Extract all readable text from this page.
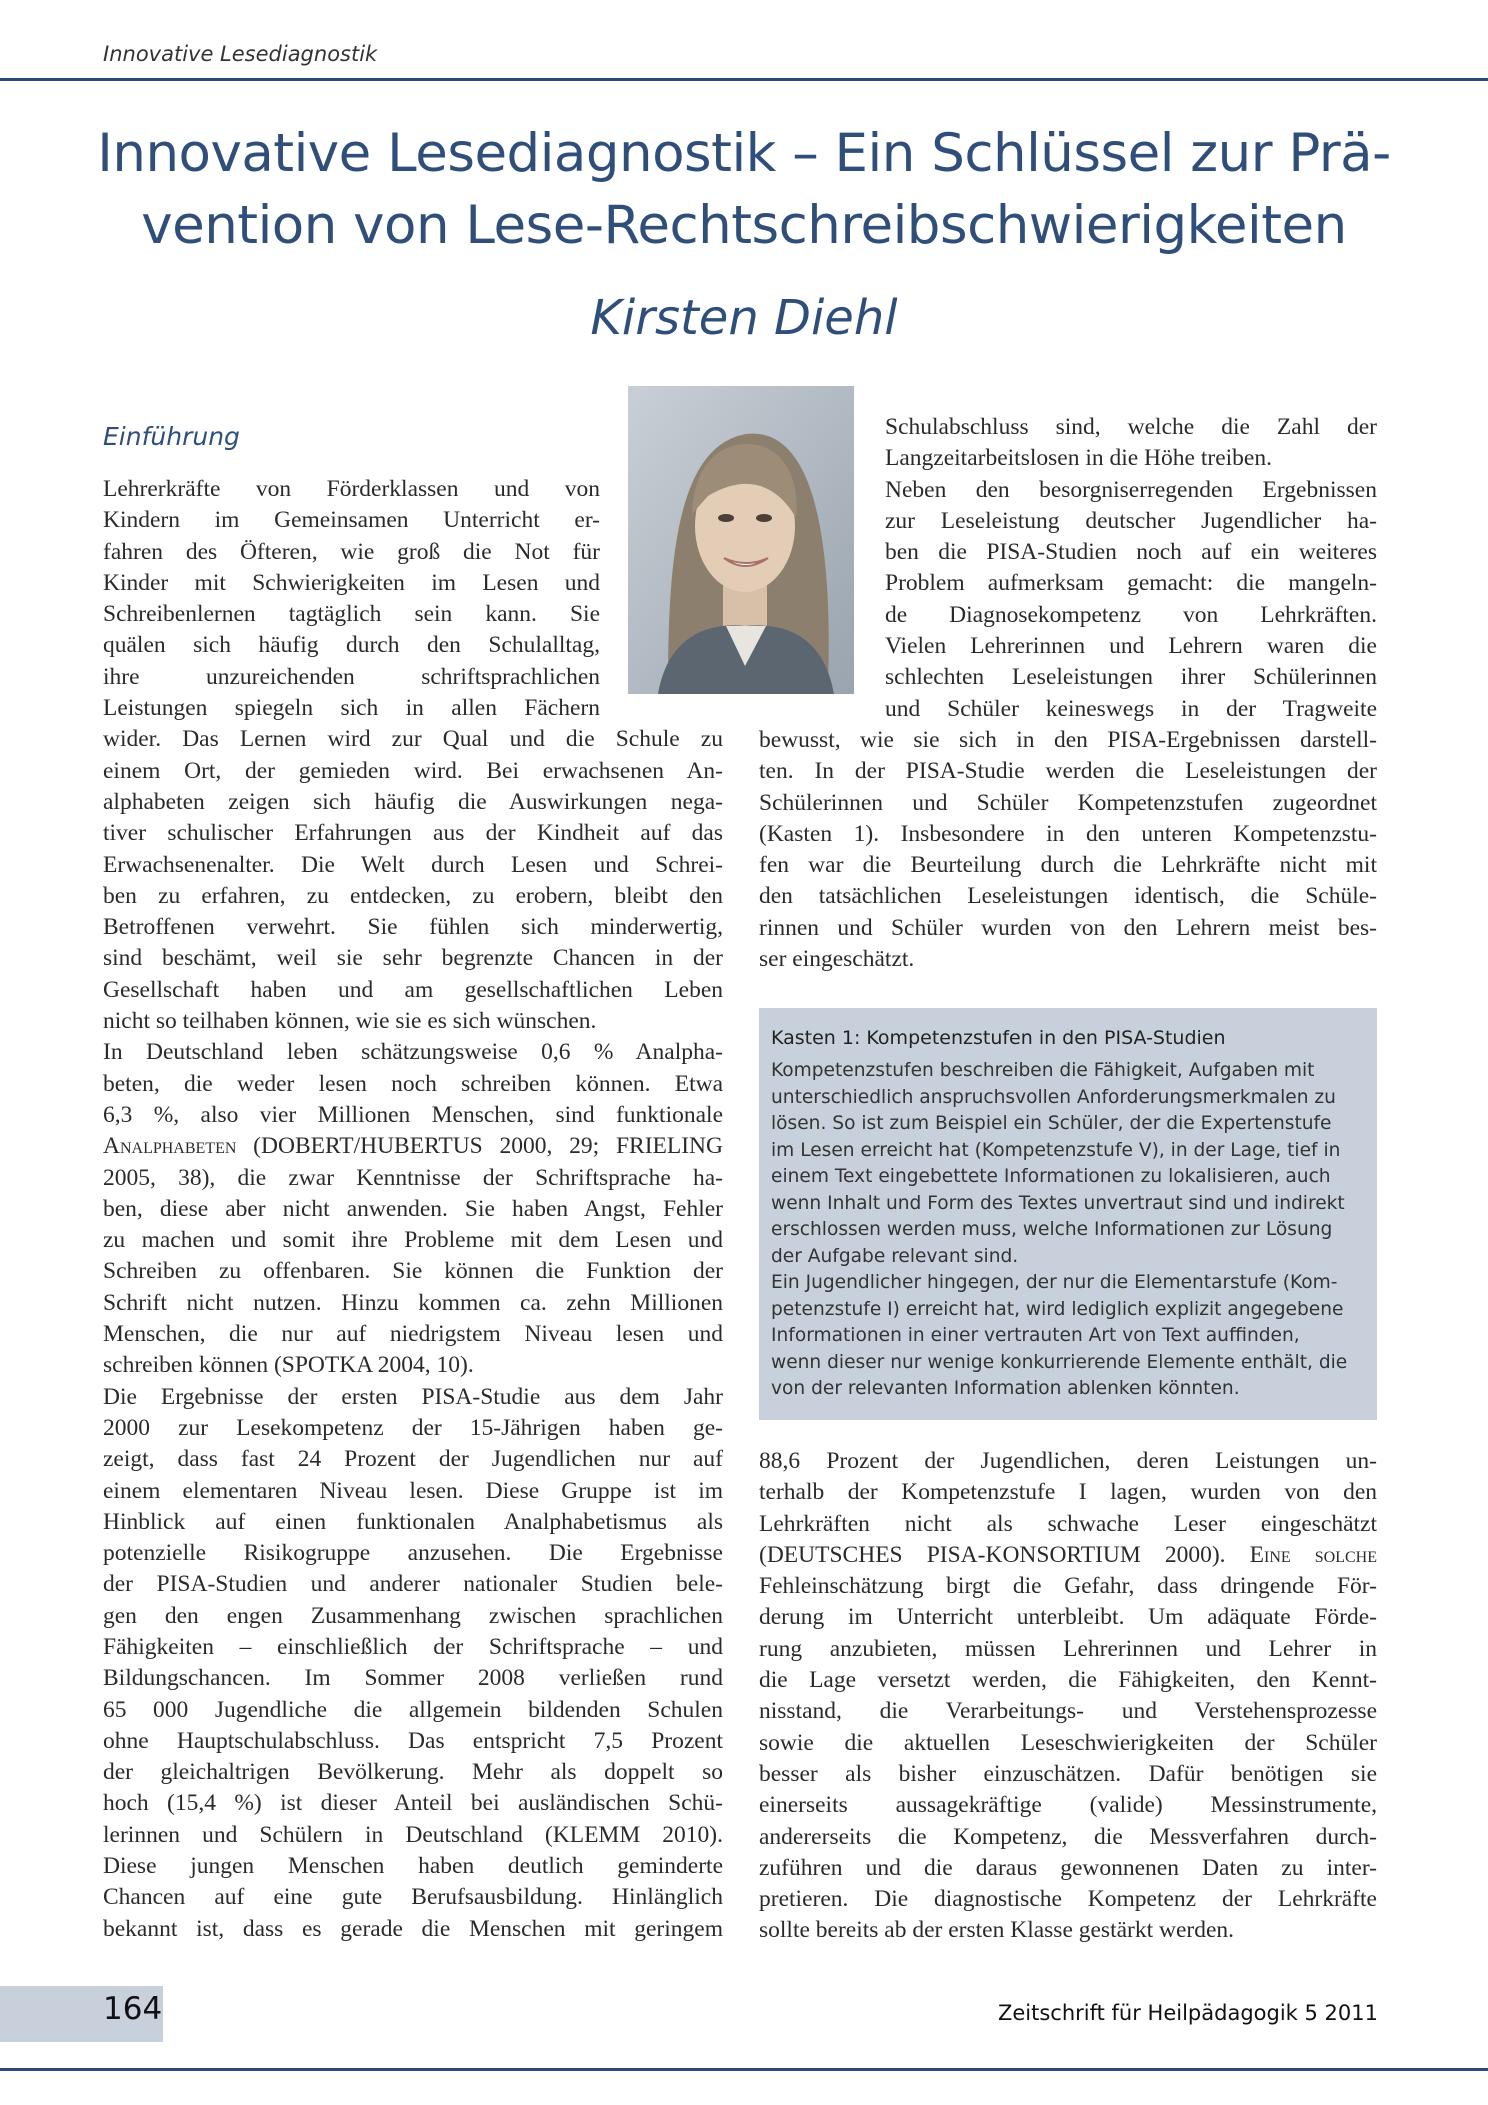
Innovative Lesediagnostik
Innovative Lesediagnostik – Ein Schlüssel zur Prä-
vention von Lese-Rechtschreibschwierigkeiten
Kirsten Diehl
Einführung
Lehrerkräfte von Förderklassen und von
Kindern im Gemeinsamen Unterricht er-
fahren des Öfteren, wie groß die Not für
Kinder mit Schwierigkeiten im Lesen und
Schreibenlernen tagtäglich sein kann. Sie
quälen sich häufig durch den Schulalltag,
ihre unzureichenden schriftsprachlichen
Leistungen spiegeln sich in allen Fächern
wider. Das Lernen wird zur Qual und die Schule zu
einem Ort, der gemieden wird. Bei erwachsenen An-
alphabeten zeigen sich häufig die Auswirkungen nega-
tiver schulischer Erfahrungen aus der Kindheit auf das
Erwachsenenalter. Die Welt durch Lesen und Schrei-
ben zu erfahren, zu entdecken, zu erobern, bleibt den
Betroffenen verwehrt. Sie fühlen sich minderwertig,
sind beschämt, weil sie sehr begrenzte Chancen in der
Gesellschaft haben und am gesellschaftlichen Leben
nicht so teilhaben können, wie sie es sich wünschen.
In Deutschland leben schätzungsweise 0,6 % Analpha-
beten, die weder lesen noch schreiben können. Etwa
6,3 %, also vier Millionen Menschen, sind funktionale
Analphabeten (DOBERT/HUBERTUS 2000, 29; FRIELING
2005, 38), die zwar Kenntnisse der Schriftsprache ha-
ben, diese aber nicht anwenden. Sie haben Angst, Fehler
zu machen und somit ihre Probleme mit dem Lesen und
Schreiben zu offenbaren. Sie können die Funktion der
Schrift nicht nutzen. Hinzu kommen ca. zehn Millionen
Menschen, die nur auf niedrigstem Niveau lesen und
schreiben können (SPOTKA 2004, 10).
Die Ergebnisse der ersten PISA-Studie aus dem Jahr
2000 zur Lesekompetenz der 15-Jährigen haben ge-
zeigt, dass fast 24 Prozent der Jugendlichen nur auf
einem elementaren Niveau lesen. Diese Gruppe ist im
Hinblick auf einen funktionalen Analphabetismus als
potenzielle Risikogruppe anzusehen. Die Ergebnisse
der PISA-Studien und anderer nationaler Studien bele-
gen den engen Zusammenhang zwischen sprachlichen
Fähigkeiten – einschließlich der Schriftsprache – und
Bildungschancen. Im Sommer 2008 verließen rund
65 000 Jugendliche die allgemein bildenden Schulen
ohne Hauptschulabschluss. Das entspricht 7,5 Prozent
der gleichaltrigen Bevölkerung. Mehr als doppelt so
hoch (15,4 %) ist dieser Anteil bei ausländischen Schü-
lerinnen und Schülern in Deutschland (KLEMM 2010).
Diese jungen Menschen haben deutlich geminderte
Chancen auf eine gute Berufsausbildung. Hinlänglich
bekannt ist, dass es gerade die Menschen mit geringem
Schulabschluss sind, welche die Zahl der
Langzeitarbeitslosen in die Höhe treiben.
Neben den besorgniserregenden Ergebnissen
zur Leseleistung deutscher Jugendlicher ha-
ben die PISA-Studien noch auf ein weiteres
Problem aufmerksam gemacht: die mangeln-
de Diagnosekompetenz von Lehrkräften.
Vielen Lehrerinnen und Lehrern waren die
schlechten Leseleistungen ihrer Schülerinnen
und Schüler keineswegs in der Tragweite
bewusst, wie sie sich in den PISA-Ergebnissen darstell-
ten. In der PISA-Studie werden die Leseleistungen der
Schülerinnen und Schüler Kompetenzstufen zugeordnet
(Kasten 1). Insbesondere in den unteren Kompetenzstu-
fen war die Beurteilung durch die Lehrkräfte nicht mit
den tatsächlichen Leseleistungen identisch, die Schüle-
rinnen und Schüler wurden von den Lehrern meist bes-
ser eingeschätzt.
Kasten 1: Kompetenzstufen in den PISA-Studien
Kompetenzstufen beschreiben die Fähigkeit, Aufgaben mit
unterschiedlich anspruchsvollen Anforderungsmerkmalen zu
lösen. So ist zum Beispiel ein Schüler, der die Expertenstufe
im Lesen erreicht hat (Kompetenzstufe V), in der Lage, tief in
einem Text eingebettete Informationen zu lokalisieren, auch
wenn Inhalt und Form des Textes unvertraut sind und indirekt
erschlossen werden muss, welche Informationen zur Lösung
der Aufgabe relevant sind.
Ein Jugendlicher hingegen, der nur die Elementarstufe (Kom-
petenzstufe I) erreicht hat, wird lediglich explizit angegebene
Informationen in einer vertrauten Art von Text auffinden,
wenn dieser nur wenige konkurrierende Elemente enthält, die
von der relevanten Information ablenken könnten.
88,6 Prozent der Jugendlichen, deren Leistungen un-
terhalb der Kompetenzstufe I lagen, wurden von den
Lehrkräften nicht als schwache Leser eingeschätzt
(DEUTSCHES PISA-KONSORTIUM 2000). Eine solche
Fehleinschätzung birgt die Gefahr, dass dringende För-
derung im Unterricht unterbleibt. Um adäquate Förde-
rung anzubieten, müssen Lehrerinnen und Lehrer in
die Lage versetzt werden, die Fähigkeiten, den Kennt-
nisstand, die Verarbeitungs- und Verstehensprozesse
sowie die aktuellen Leseschwierigkeiten der Schüler
besser als bisher einzuschätzen. Dafür benötigen sie
einerseits aussagekräftige (valide) Messinstrumente,
andererseits die Kompetenz, die Messverfahren durch-
zuführen und die daraus gewonnenen Daten zu inter-
pretieren. Die diagnostische Kompetenz der Lehrkräfte
sollte bereits ab der ersten Klasse gestärkt werden.
164	Zeitschrift für Heilpädagogik 5 2011
